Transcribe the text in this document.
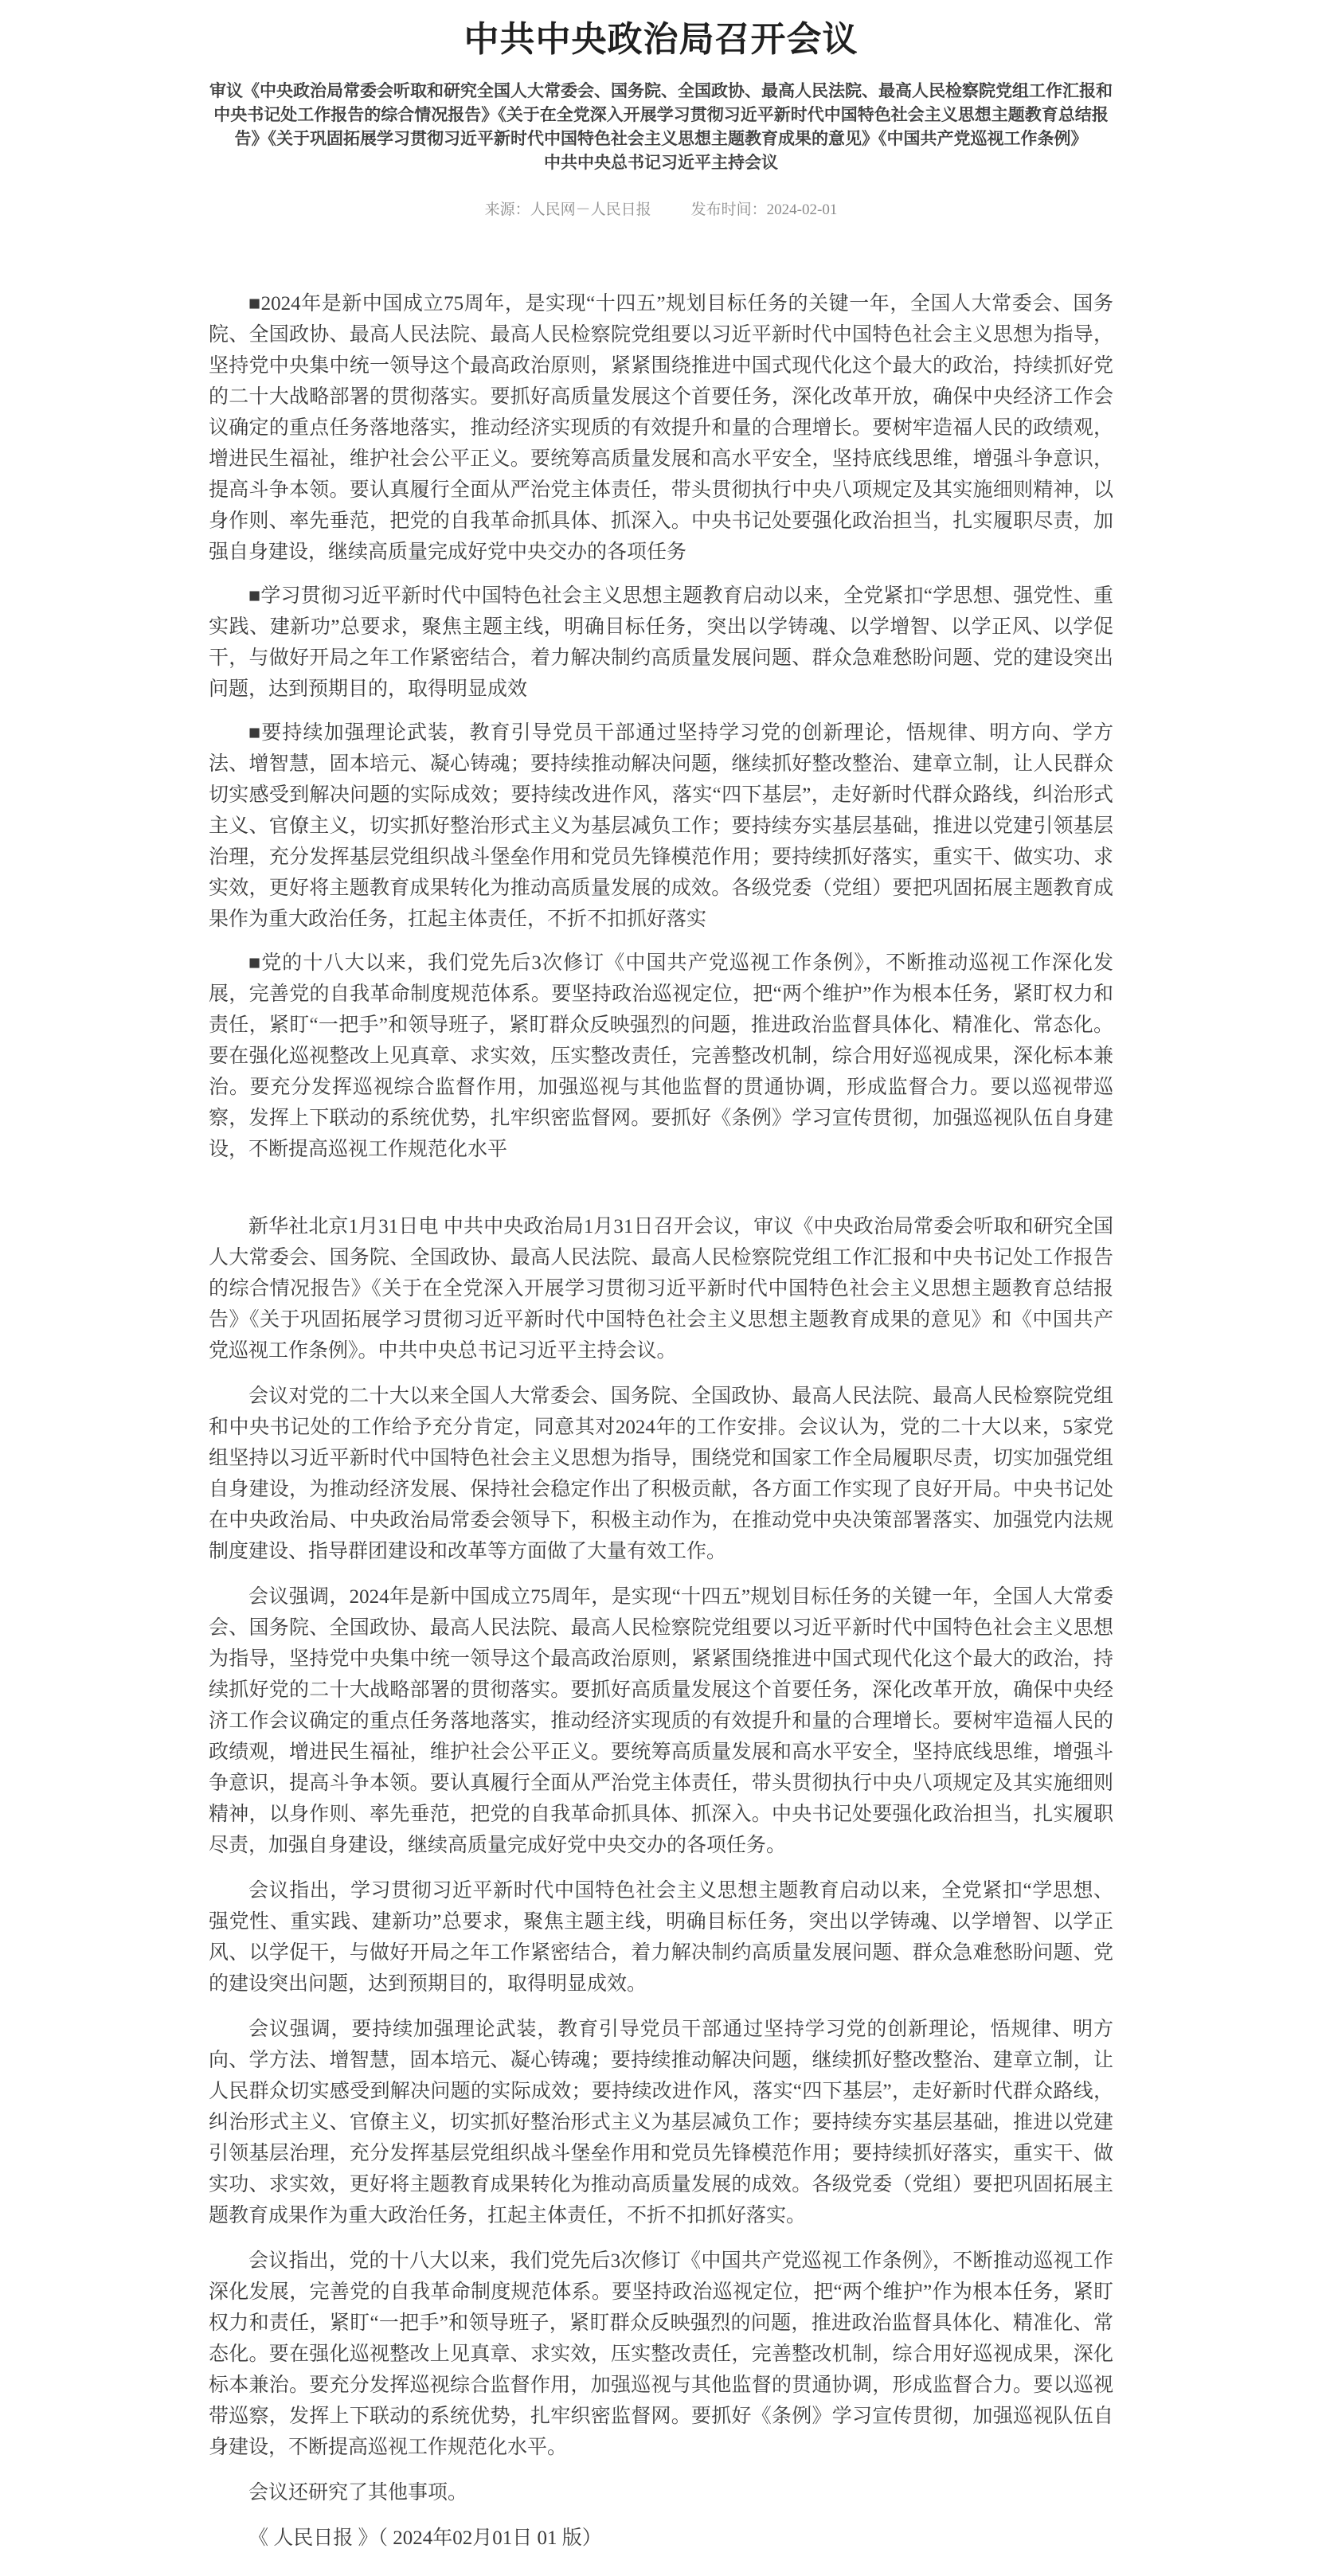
中共中央政治局召开会议
审议《中央政治局常委会听取和研究全国人大常委会、国务院、全国政协、最高人民法院、最高人民检察院党组工作汇报和中央书记处工作报告的综合情况报告》《关于在全党深入开展学习贯彻习近平新时代中国特色社会主义思想主题教育总结报告》《关于巩固拓展学习贯彻习近平新时代中国特色社会主义思想主题教育成果的意见》《中国共产党巡视工作条例》
中共中央总书记习近平主持会议
来源：人民网－人民日报	发布时间：2024-02-01

■2024年是新中国成立75周年，是实现“十四五”规划目标任务的关键一年，全国人大常委会、国务院、全国政协、最高人民法院、最高人民检察院党组要以习近平新时代中国特色社会主义思想为指导，坚持党中央集中统一领导这个最高政治原则，紧紧围绕推进中国式现代化这个最大的政治，持续抓好党的二十大战略部署的贯彻落实。要抓好高质量发展这个首要任务，深化改革开放，确保中央经济工作会议确定的重点任务落地落实，推动经济实现质的有效提升和量的合理增长。要树牢造福人民的政绩观，增进民生福祉，维护社会公平正义。要统筹高质量发展和高水平安全，坚持底线思维，增强斗争意识，提高斗争本领。要认真履行全面从严治党主体责任，带头贯彻执行中央八项规定及其实施细则精神，以身作则、率先垂范，把党的自我革命抓具体、抓深入。中央书记处要强化政治担当，扎实履职尽责，加强自身建设，继续高质量完成好党中央交办的各项任务

■学习贯彻习近平新时代中国特色社会主义思想主题教育启动以来，全党紧扣“学思想、强党性、重实践、建新功”总要求，聚焦主题主线，明确目标任务，突出以学铸魂、以学增智、以学正风、以学促干，与做好开局之年工作紧密结合，着力解决制约高质量发展问题、群众急难愁盼问题、党的建设突出问题，达到预期目的，取得明显成效

■要持续加强理论武装，教育引导党员干部通过坚持学习党的创新理论，悟规律、明方向、学方法、增智慧，固本培元、凝心铸魂；要持续推动解决问题，继续抓好整改整治、建章立制，让人民群众切实感受到解决问题的实际成效；要持续改进作风，落实“四下基层”，走好新时代群众路线，纠治形式主义、官僚主义，切实抓好整治形式主义为基层减负工作；要持续夯实基层基础，推进以党建引领基层治理，充分发挥基层党组织战斗堡垒作用和党员先锋模范作用；要持续抓好落实，重实干、做实功、求实效，更好将主题教育成果转化为推动高质量发展的成效。各级党委（党组）要把巩固拓展主题教育成果作为重大政治任务，扛起主体责任，不折不扣抓好落实

■党的十八大以来，我们党先后3次修订《中国共产党巡视工作条例》，不断推动巡视工作深化发展，完善党的自我革命制度规范体系。要坚持政治巡视定位，把“两个维护”作为根本任务，紧盯权力和责任，紧盯“一把手”和领导班子，紧盯群众反映强烈的问题，推进政治监督具体化、精准化、常态化。要在强化巡视整改上见真章、求实效，压实整改责任，完善整改机制，综合用好巡视成果，深化标本兼治。要充分发挥巡视综合监督作用，加强巡视与其他监督的贯通协调，形成监督合力。要以巡视带巡察，发挥上下联动的系统优势，扎牢织密监督网。要抓好《条例》学习宣传贯彻，加强巡视队伍自身建设，不断提高巡视工作规范化水平

新华社北京1月31日电 中共中央政治局1月31日召开会议，审议《中央政治局常委会听取和研究全国人大常委会、国务院、全国政协、最高人民法院、最高人民检察院党组工作汇报和中央书记处工作报告的综合情况报告》《关于在全党深入开展学习贯彻习近平新时代中国特色社会主义思想主题教育总结报告》《关于巩固拓展学习贯彻习近平新时代中国特色社会主义思想主题教育成果的意见》和《中国共产党巡视工作条例》。中共中央总书记习近平主持会议。

会议对党的二十大以来全国人大常委会、国务院、全国政协、最高人民法院、最高人民检察院党组和中央书记处的工作给予充分肯定，同意其对2024年的工作安排。会议认为，党的二十大以来，5家党组坚持以习近平新时代中国特色社会主义思想为指导，围绕党和国家工作全局履职尽责，切实加强党组自身建设，为推动经济发展、保持社会稳定作出了积极贡献，各方面工作实现了良好开局。中央书记处在中央政治局、中央政治局常委会领导下，积极主动作为，在推动党中央决策部署落实、加强党内法规制度建设、指导群团建设和改革等方面做了大量有效工作。

会议强调，2024年是新中国成立75周年，是实现“十四五”规划目标任务的关键一年，全国人大常委会、国务院、全国政协、最高人民法院、最高人民检察院党组要以习近平新时代中国特色社会主义思想为指导，坚持党中央集中统一领导这个最高政治原则，紧紧围绕推进中国式现代化这个最大的政治，持续抓好党的二十大战略部署的贯彻落实。要抓好高质量发展这个首要任务，深化改革开放，确保中央经济工作会议确定的重点任务落地落实，推动经济实现质的有效提升和量的合理增长。要树牢造福人民的政绩观，增进民生福祉，维护社会公平正义。要统筹高质量发展和高水平安全，坚持底线思维，增强斗争意识，提高斗争本领。要认真履行全面从严治党主体责任，带头贯彻执行中央八项规定及其实施细则精神，以身作则、率先垂范，把党的自我革命抓具体、抓深入。中央书记处要强化政治担当，扎实履职尽责，加强自身建设，继续高质量完成好党中央交办的各项任务。

会议指出，学习贯彻习近平新时代中国特色社会主义思想主题教育启动以来，全党紧扣“学思想、强党性、重实践、建新功”总要求，聚焦主题主线，明确目标任务，突出以学铸魂、以学增智、以学正风、以学促干，与做好开局之年工作紧密结合，着力解决制约高质量发展问题、群众急难愁盼问题、党的建设突出问题，达到预期目的，取得明显成效。

会议强调，要持续加强理论武装，教育引导党员干部通过坚持学习党的创新理论，悟规律、明方向、学方法、增智慧，固本培元、凝心铸魂；要持续推动解决问题，继续抓好整改整治、建章立制，让人民群众切实感受到解决问题的实际成效；要持续改进作风，落实“四下基层”，走好新时代群众路线，纠治形式主义、官僚主义，切实抓好整治形式主义为基层减负工作；要持续夯实基层基础，推进以党建引领基层治理，充分发挥基层党组织战斗堡垒作用和党员先锋模范作用；要持续抓好落实，重实干、做实功、求实效，更好将主题教育成果转化为推动高质量发展的成效。各级党委（党组）要把巩固拓展主题教育成果作为重大政治任务，扛起主体责任，不折不扣抓好落实。

会议指出，党的十八大以来，我们党先后3次修订《中国共产党巡视工作条例》，不断推动巡视工作深化发展，完善党的自我革命制度规范体系。要坚持政治巡视定位，把“两个维护”作为根本任务，紧盯权力和责任，紧盯“一把手”和领导班子，紧盯群众反映强烈的问题，推进政治监督具体化、精准化、常态化。要在强化巡视整改上见真章、求实效，压实整改责任，完善整改机制，综合用好巡视成果，深化标本兼治。要充分发挥巡视综合监督作用，加强巡视与其他监督的贯通协调，形成监督合力。要以巡视带巡察，发挥上下联动的系统优势，扎牢织密监督网。要抓好《条例》学习宣传贯彻，加强巡视队伍自身建设，不断提高巡视工作规范化水平。

会议还研究了其他事项。

《 人民日报 》（ 2024年02月01日 01 版）
